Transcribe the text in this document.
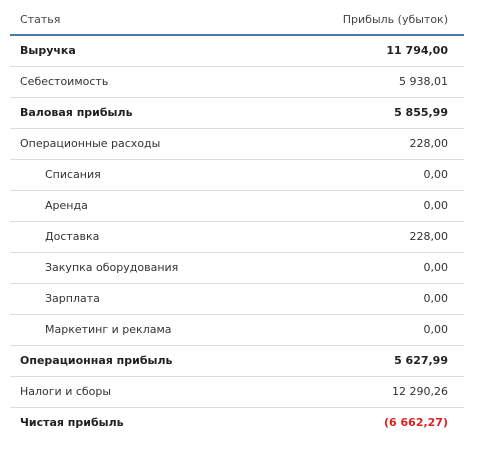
Статья	Прибыль (убыток)
Выручка	11 794,00
Себестоимость	5 938,01
Валовая прибыль	5 855,99
Операционные расходы	228,00
Списания	0,00
Аренда	0,00
Доставка	228,00
Закупка оборудования	0,00
Зарплата	0,00
Маркетинг и реклама	0,00
Операционная прибыль	5 627,99
Налоги и сборы	12 290,26
Чистая прибыль	(6 662,27)
